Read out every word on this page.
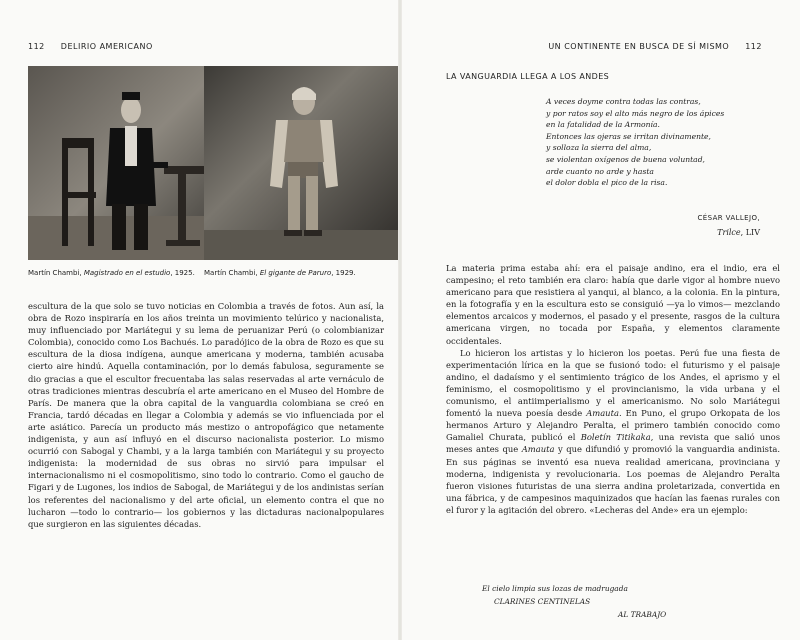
112 DELIRIO AMERICANO
Martín Chambi, Magistrado en el estudio, 1925. Martín Chambi, El gigante de Paruro, 1929.

escultura de la que solo se tuvo noticias en Colombia a través de fotos. Aun así, la obra de Rozo inspiraría en los años treinta un movimiento telúrico y nacionalista, muy influenciado por Mariátegui y su lema de peruanizar Perú (o colombianizar Colombia), conocido como Los Bachués. Lo paradójico de la obra de Rozo es que su escultura de la diosa indígena, aunque americana y moderna, también acusaba cierto aire hindú. Aquella contaminación, por lo demás fabulosa, seguramente se dio gracias a que el escultor frecuentaba las salas reservadas al arte vernáculo de otras tradiciones mientras descubría el arte americano en el Museo del Hombre de París. De manera que la obra capital de la vanguardia colombiana se creó en Francia, tardó décadas en llegar a Colombia y además se vio influenciada por el arte asiático. Parecía un producto más mestizo o antropofágico que netamente indigenista, y aun así influyó en el discurso nacionalista posterior. Lo mismo ocurrió con Sabogal y Chambi, y a la larga también con Mariátegui y su proyecto indigenista: la modernidad de sus obras no sirvió para impulsar el internacionalismo ni el cosmopolitismo, sino todo lo contrario. Como el gaucho de Figari y de Lugones, los indios de Sabogal, de Mariátegui y de los andinistas serían los referentes del nacionalismo y del arte oficial, un elemento contra el que no lucharon —todo lo contrario— los gobiernos y las dictaduras nacionalpopulares que surgieron en las siguientes décadas.

UN CONTINENTE EN BUSCA DE SÍ MISMO 112
LA VANGUARDIA LLEGA A LOS ANDES
A veces doyme contra todas las contras,
y por ratos soy el alto más negro de los ápices
en la fatalidad de la Armonía.
Entonces las ojeras se irritan divinamente,
y solloza la sierra del alma,
se violentan oxígenos de buena voluntad,
arde cuanto no arde y hasta
el dolor dobla el pico de la risa.
CÉSAR VALLEJO,
Trilce, LIV

La materia prima estaba ahí: era el paisaje andino, era el indio, era el campesino; el reto también era claro: había que darle vigor al hombre nuevo americano para que resistiera al yanqui, al blanco, a la colonia. En la pintura, en la fotografía y en la escultura esto se consiguió —ya lo vimos— mezclando elementos arcaicos y modernos, el pasado y el presente, rasgos de la cultura americana virgen, no tocada por España, y elementos claramente occidentales.

Lo hicieron los artistas y lo hicieron los poetas. Perú fue una fiesta de experimentación lírica en la que se fusionó todo: el futurismo y el paisaje andino, el dadaísmo y el sentimiento trágico de los Andes, el aprismo y el feminismo, el cosmopolitismo y el provincianismo, la vida urbana y el comunismo, el antiimperialismo y el americanismo. No solo Mariátegui fomentó la nueva poesía desde Amauta. En Puno, el grupo Orkopata de los hermanos Arturo y Alejandro Peralta, el primero también conocido como Gamaliel Churata, publicó el Boletín Titikaka, una revista que salió unos meses antes que Amauta y que difundió y promovió la vanguardia andinista. En sus páginas se inventó esa nueva realidad americana, provinciana y moderna, indigenista y revolucionaria. Los poemas de Alejandro Peralta fueron visiones futuristas de una sierra andina proletarizada, convertida en una fábrica, y de campesinos maquinizados que hacían las faenas rurales con el furor y la agitación del obrero. «Lecheras del Ande» era un ejemplo:

El cielo limpia sus lozas de madrugada
CLARINES CENTINELAS
AL TRABAJO
